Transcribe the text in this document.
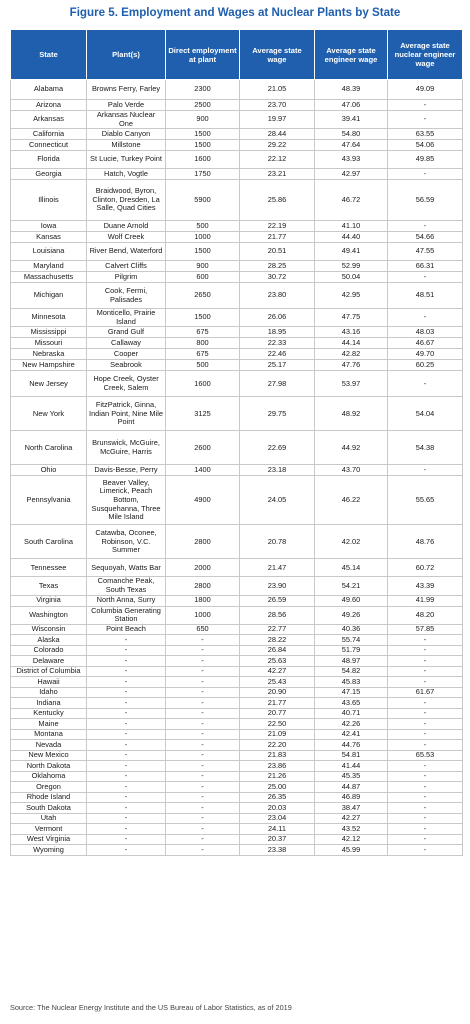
Figure 5. Employment and Wages at Nuclear Plants by State
State	Plant(s)	Direct employment at plant	Average state wage	Average state engineer wage	Average state nuclear engineer wage
Alabama	Browns Ferry, Farley	2300	21.05	48.39	49.09
Arizona	Palo Verde	2500	23.70	47.06	-
Arkansas	Arkansas Nuclear One	900	19.97	39.41	-
California	Diablo Canyon	1500	28.44	54.80	63.55
Connecticut	Millstone	1500	29.22	47.64	54.06
Florida	St Lucie, Turkey Point	1600	22.12	43.93	49.85
Georgia	Hatch, Vogtle	1750	23.21	42.97	-
Illinois	Braidwood, Byron, Clinton, Dresden, La Salle, Quad Cities	5900	25.86	46.72	56.59
Iowa	Duane Arnold	500	22.19	41.10	-
Kansas	Wolf Creek	1000	21.77	44.40	54.66
Louisiana	River Bend, Waterford	1500	20.51	49.41	47.55
Maryland	Calvert Cliffs	900	28.25	52.99	66.31
Massachusetts	Pilgrim	600	30.72	50.04	-
Michigan	Cook, Fermi, Palisades	2650	23.80	42.95	48.51
Minnesota	Monticello, Prairie Island	1500	26.06	47.75	-
Mississippi	Grand Gulf	675	18.95	43.16	48.03
Missouri	Callaway	800	22.33	44.14	46.67
Nebraska	Cooper	675	22.46	42.82	49.70
New Hampshire	Seabrook	500	25.17	47.76	60.25
New Jersey	Hope Creek, Oyster Creek, Salem	1600	27.98	53.97	-
New York	FitzPatrick, Ginna, Indian Point, Nine Mile Point	3125	29.75	48.92	54.04
North Carolina	Brunswick, McGuire, McGuire, Harris	2600	22.69	44.92	54.38
Ohio	Davis-Besse, Perry	1400	23.18	43.70	-
Pennsylvania	Beaver Valley, Limerick, Peach Bottom, Susquehanna, Three Mile Island	4900	24.05	46.22	55.65
South Carolina	Catawba, Oconee, Robinson, V.C. Summer	2800	20.78	42.02	48.76
Tennessee	Sequoyah, Watts Bar	2000	21.47	45.14	60.72
Texas	Comanche Peak, South Texas	2800	23.90	54.21	43.39
Virginia	North Anna, Surry	1800	26.59	49.60	41.99
Washington	Columbia Generating Station	1000	28.56	49.26	48.20
Wisconsin	Point Beach	650	22.77	40.36	57.85
Alaska	-	-	28.22	55.74	-
Colorado	-	-	26.84	51.79	-
Delaware	-	-	25.63	48.97	-
District of Columbia	-	-	42.27	54.82	-
Hawaii	-	-	25.43	45.83	-
Idaho	-	-	20.90	47.15	61.67
Indiana	-	-	21.77	43.65	-
Kentucky	-	-	20.77	40.71	-
Maine	-	-	22.50	42.26	-
Montana	-	-	21.09	42.41	-
Nevada	-	-	22.20	44.76	-
New Mexico	-	-	21.83	54.81	65.53
North Dakota	-	-	23.86	41.44	-
Oklahoma	-	-	21.26	45.35	-
Oregon	-	-	25.00	44.87	-
Rhode Island	-	-	26.35	46.89	-
South Dakota	-	-	20.03	38.47	-
Utah	-	-	23.04	42.27	-
Vermont	-	-	24.11	43.52	-
West Virginia	-	-	20.37	42.12	-
Wyoming	-	-	23.38	45.99	-
Source: The Nuclear Energy Institute and the US Bureau of Labor Statistics, as of 2019
